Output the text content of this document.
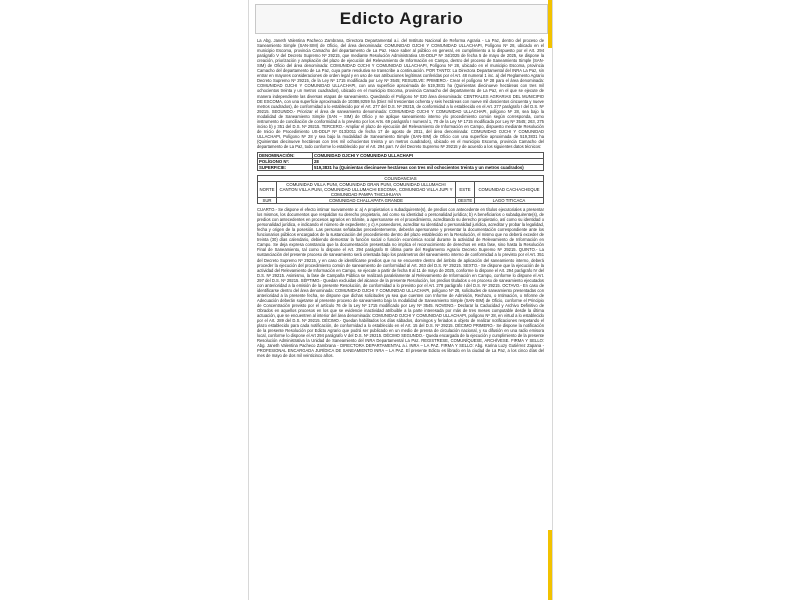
Edicto Agrario

La Abg. Janeth Valentina Pacheco Zambrana, Directora Departamental a.i. del Instituto Nacional de Reforma Agraria - La Paz, dentro del proceso de Saneamiento Simple (SAN-SIM) de Oficio, del área denominada: COMUNIDAD OJCHI Y COMUNIDAD ULLACHAPI, Polígono Nº 28, ubicado en el municipio Escoma, provincia Camacho del departamento de La Paz. Hace saber al público en general, en cumplimiento a lo dispuesto por el Art. 294 parágrafo V del Decreto Supremo Nº 29215, que mediante Resolución Administrativa US-DDLP Nº 34/2025 de fecha 5 de mayo de 2025, se dispone la creación, priorización y ampliación del plazo de ejecución del Relevamiento de Información en Campo, dentro del proceso de Saneamiento Simple (SAN-SIM) de Oficio del área denominada: COMUNIDAD OJCHI Y COMUNIDAD ULLACHAPI, Polígono Nº 28, ubicado en el municipio Escoma, provincia Camacho del departamento de La Paz, cuya parte resolutiva se transcribe a continuación. POR TANTO: La Directora Departamental del INRA La Paz, sin entrar en mayores consideraciones de orden legal y en uso de sus atribuciones legítimas conferidas por el Art. 48 numeral 1 inc. a) del Reglamento Agrario Decreto Supremo Nº 29215, de la Ley Nº 1715 modificada por Ley Nº 3545; RESUELVE: PRIMERO.- Crear el polígono Nº 28 para el área denominada: COMUNIDAD OJCHI Y COMUNIDAD ULLACHAPI, con una superficie aproximada de 519,3831 ha (Quinientas diecinueve hectáreas con tres mil ochocientos treinta y un metros cuadrados), ubicado en el municipio Escoma, provincia Camacho del departamento de La Paz, en el que se ejecute de manera independiente las diversas etapas de saneamiento. Quedando el Polígono Nº 020 área denominada: CENTRALES AGRARIAS DEL MUNICIPIO DE ESCOMA, con una superficie aproximada de 10386,9259 ha (Diez mil trescientas ochenta y seis hectáreas con nueve mil doscientos cincuenta y nueve metros cuadrados), de conformidad a lo establecido por el Art. 277 del D.S. Nº 29215, de conformidad a lo establecido en el Art. 277 parágrafo I del D.S. Nº 29215. SEGUNDO.- Priorizar el área de saneamiento denominada: COMUNIDAD OJCHI Y COMUNIDAD ULLACHAPI, polígono Nº 28, sea bajo la modalidad de Saneamiento Simple (SAN – SIM) de Oficio y se aplique saneamiento interno y/o procedimiento común según corresponda, como instrumento de conciliación de conformidad a lo previsto por los Arts. 69 parágrafo I numeral 1, 70 de la Ley Nº 1715 modificada por Ley Nº 3545; 263, 275 inciso b) y 351 del D.S. Nº 29215. TERCERO.- Ampliar el plazo de ejecución del Relevamiento de Información en Campo, dispuesto mediante Resolución de Inicio de Procedimiento US-DDLP Nº 013/2011 de fecha 17 de agosto de 2011, del área denominada: COMUNIDAD OJCHI Y COMUNIDAD ULLACHAPI, Polígono Nº 28 y sea bajo la modalidad de Saneamiento Simple (SAN-SIM) de Oficio con una superficie aproximada de 519,3831 ha (Quinientas diecinueve hectáreas con tres mil ochocientos treinta y un metros cuadrados), ubicado en el municipio Escoma, provincia Camacho del departamento de La Paz, todo conforme lo establecido por el Art. 294 parr. IV del Decreto Supremo Nº 29215 y de acuerdo a los siguientes datos técnicos:

DENOMINACIÓN:	COMUNIDAD OJCHI Y COMUNIDAD ULLACHAPI
POLÍGONO Nº:	28
SUPERFICIE:	519,3831 ha (Quinientas diecinueve hectáreas con tres mil ochocientos treinta y un metros cuadrados)
COLINDANCIAS			
NORTE	COMUNIDAD VILLA PUNI, COMUNIDAD GRAN PUNI, COMUNIDAD ULLUMACHI CANTON VILLA PUNI, COMUNIDAD ULLUMACHI ESCOMA, COMUNIDAD VILLA JUPI Y COMUNIDAD PAMPA THICUHUAYA	ESTE	COMUNIDAD CACHACHEQUE
SUR	COMUNIDAD CHALLAPATA GRANDE	OESTE	LAGO TITICACA

CUARTO.- Se dispone el efecto intimar nuevamente a: a) A propietarios o subadquirente(s), de predios con antecedente en títulos ejecutoriales a presentar los mismos, los documentos que respaldan su derecho propietario, así como su identidad o personalidad jurídica; b) A beneficiarios o subadquirente(s), de predios con antecedentes en procesos agrarios en trámite, a apersonarse en el procedimiento, acreditando su derecho propietario, así como su identidad o personalidad jurídica, e indicando el número de expediente; y c) A poseedores, acreditar su identidad o personalidad jurídica, acreditar y probar la legalidad, fecha y origen de la posesión. Las personas señaladas precedentemente, deberán apersonarse y presentar la documentación correspondiente ante los funcionarios públicos encargados de la sustanciación del procedimiento dentro del plazo establecido en la Resolución, el mismo que no deberá exceder de treinta (30) días calendario, debiendo demostrar la función social o función económica social durante la actividad de Relevamiento de Información en Campo. Se deja expresa constancia que la documentación presentada no implica el reconocimiento de derechos en esta fase, sino hasta la Resolución Final de Saneamiento, tal como lo dispone el Art. 294 parágrafo III última parte del Reglamento Agrario Decreto Supremo Nº 29215. QUINTO.- La sustanciación del presente proceso de saneamiento será orientada bajo los parámetros del saneamiento interno de conformidad a lo previsto por el Art. 351 del Decreto Supremo Nº 29215, y en caso de identificarse predios que no se encuentre dentro del ámbito de aplicación del saneamiento interno, deberá proceder la ejecución del procedimiento común de saneamiento de conformidad al Art. 263 del D.S. Nº 29215. SEXTO.- Se dispone que la ejecución de la actividad del Relevamiento de Información en Campo, se ejecute a partir de fecha 8 al 11 de mayo de 2025, conforme lo dispone el Art. 294 parágrafo IV del D.S. Nº 29215. Asimismo, la fase de Campaña Pública se realizará paralelamente al Relevamiento de Información en Campo, conforme lo dispone el Art. 297 del D.S. Nº 29215. SÉPTIMO.- Quedan excluidas del alcance de la presente Resolución, los predios titulados o en proceso de saneamiento ejecutados con anterioridad a la emisión de la presente Resolución, de conformidad a lo previsto por el Art. 278 parágrafo I del D.S. Nº 29215. OCTAVO.- En caso de identificarse dentro del área denominada: COMUNIDAD OJCHI Y COMUNIDAD ULLACHAPI, polígono Nº 28, solicitudes de saneamiento presentadas con anterioridad a la presente fecha, se dispone que dichas solicitudes ya sea que cuenten con Informe de Admisión, Rechazo, o Intimación, o Informe de Adecuación deberán sujetarse al presente proceso de saneamiento bajo la modalidad de Saneamiento Simple (SAN-SIM) de Oficio, conforme el Principio de Concentración previsto por el artículo 76 de la Ley Nº 1715 modificado por Ley Nº 3545. NOVENO.- Declarar la Caducidad y Archivo Definitivo de Obrados en aquellos procesos en los que se evidencie inactividad atribuible a la parte interesada por más de tres meses computable desde la última actuación, que se encuentren al interior del área denominada: COMUNIDAD OJCHI Y COMUNIDAD ULLACHAPI, polígono Nº 28, en virtud a lo establecido por el Art. 289 del D.S. Nº 29215. DÉCIMO.- Quedan habilitados los días sábados, domingos y feriados a objeto de realizar notificaciones respetando el plazo establecido para cada notificación, de conformidad a lo establecido en el Art. 15 del D.S. Nº 29215. DÉCIMO PRIMERO.- Se dispone la notificación de la presente Resolución por Edicto Agrario que podrá ser publicado en un medio de prensa de circulación nacional, y su difusión en una radio emisora local, conforme lo dispone el Art 294 parágrafo V del D.S. Nº 29215. DÉCIMO SEGUNDO.- Queda encargada de la ejecución y cumplimiento de la presente Resolución Administrativa la Unidad de Saneamiento del INRA Departamental La Paz. REGISTRESE, COMUNÍQUESE, ARCHÍVESE. FIRMA Y SELLO: Abg. Janeth Valentina Pacheco Zambrana - DIRECTORA DEPARTAMENTAL a.i. INRA – LA PAZ. FIRMA Y SELLO: Abg. Karina Luzy Gutiérrez Zapana - PROFESIONAL ENCARGADA JURÍDICA DE SANEAMIENTO INRA – LA PAZ. El presente Edicto es librado en la ciudad de La Paz, a los cinco días del mes de mayo de dos mil veinticinco años.
